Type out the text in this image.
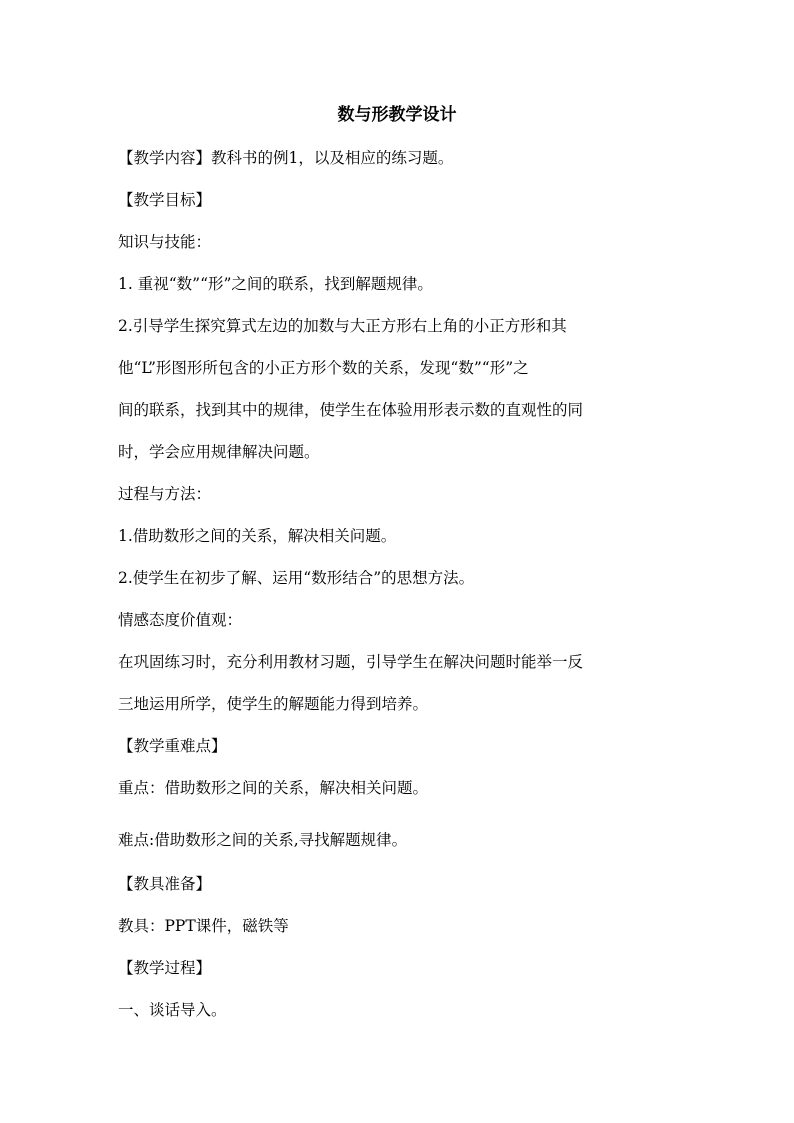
数与形教学设计
【教学内容】教科书的例1，以及相应的练习题。
【教学目标】
知识与技能：
1. 重视“数”“形”之间的联系，找到解题规律。
2.引导学生探究算式左边的加数与大正方形右上角的小正方形和其
他“L”形图形所包含的小正方形个数的关系，发现“数”“形”之
间的联系，找到其中的规律，使学生在体验用形表示数的直观性的同
时，学会应用规律解决问题。
过程与方法：
1.借助数形之间的关系，解决相关问题。
2.使学生在初步了解、运用“数形结合”的思想方法。
情感态度价值观：
在巩固练习时，充分利用教材习题，引导学生在解决问题时能举一反
三地运用所学，使学生的解题能力得到培养。
【教学重难点】
重点：借助数形之间的关系，解决相关问题。
难点:借助数形之间的关系,寻找解题规律。
【教具准备】
教具：PPT课件，磁铁等
【教学过程】
一、谈话导入。
